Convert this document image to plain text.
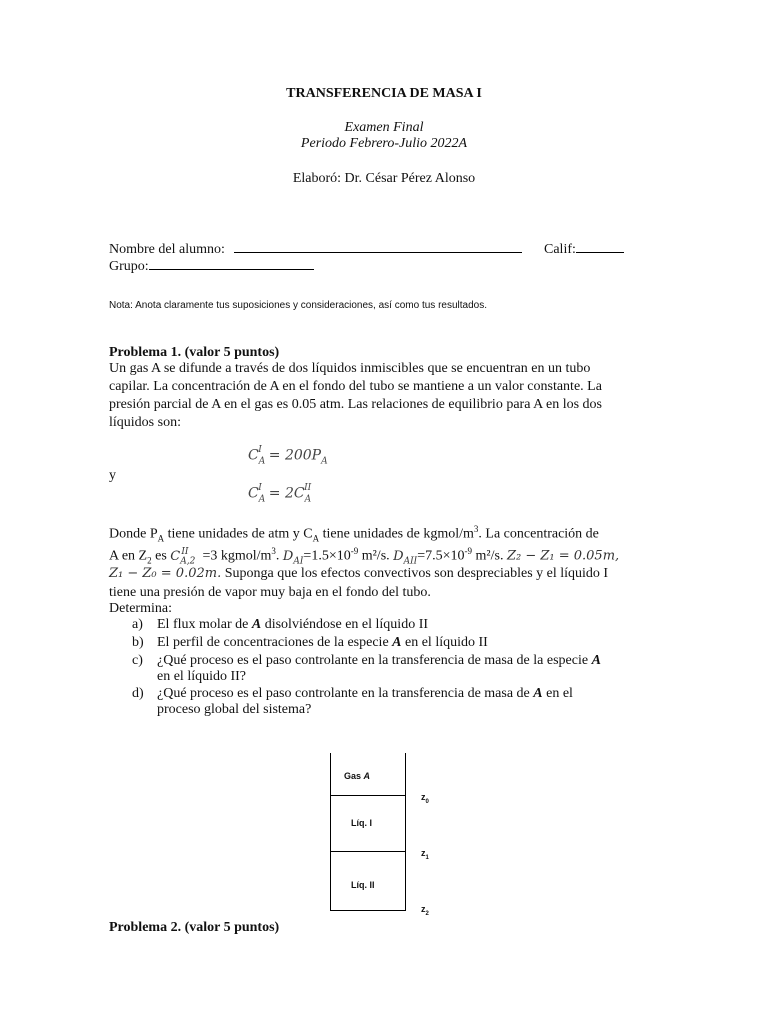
TRANSFERENCIA DE MASA I
Examen Final
Periodo Febrero-Julio 2022A
Elaboró: Dr. César Pérez Alonso
Nombre del alumno:	Calif:
Grupo:
Nota: Anota claramente tus suposiciones y consideraciones, así como tus resultados.
Problema 1. (valor 5 puntos)
Un gas A se difunde a través de dos líquidos inmiscibles que se encuentran en un tubo
capilar. La concentración de A en el fondo del tubo se mantiene a un valor constante. La
presión parcial de A en el gas es 0.05 atm. Las relaciones de equilibrio para A en los dos
líquidos son:
$C_A^I = 200P_A$
y
$C_A^I = 2C_A^{II}$
Donde $P_A$ tiene unidades de atm y $C_A$ tiene unidades de kgmol/$m^3$. La concentración de
A en $Z_2$ es $C_{A,2}^{II} =3$ kgmol/$m^3$. $D_{AI}=1.5\times 10^{-9}$ m²/s. $D_{AII}=7.5\times 10^{-9}$ m²/s. Z₂ − Z₁ = 0.05m,
Z₁ − Z₀ = 0.02m. Suponga que los efectos convectivos son despreciables y el líquido I
tiene una presión de vapor muy baja en el fondo del tubo.
Determina:
a) El flux molar de A disolviéndose en el líquido II
b) El perfil de concentraciones de la especie A en el líquido II
c) ¿Qué proceso es el paso controlante en la transferencia de masa de la especie A
en el líquido II?
d) ¿Qué proceso es el paso controlante en la transferencia de masa de A en el
proceso global del sistema?
Gas A
Líq. I
Líq. II
$z_0$
$z_1$
$z_2$
Problema 2. (valor 5 puntos)
